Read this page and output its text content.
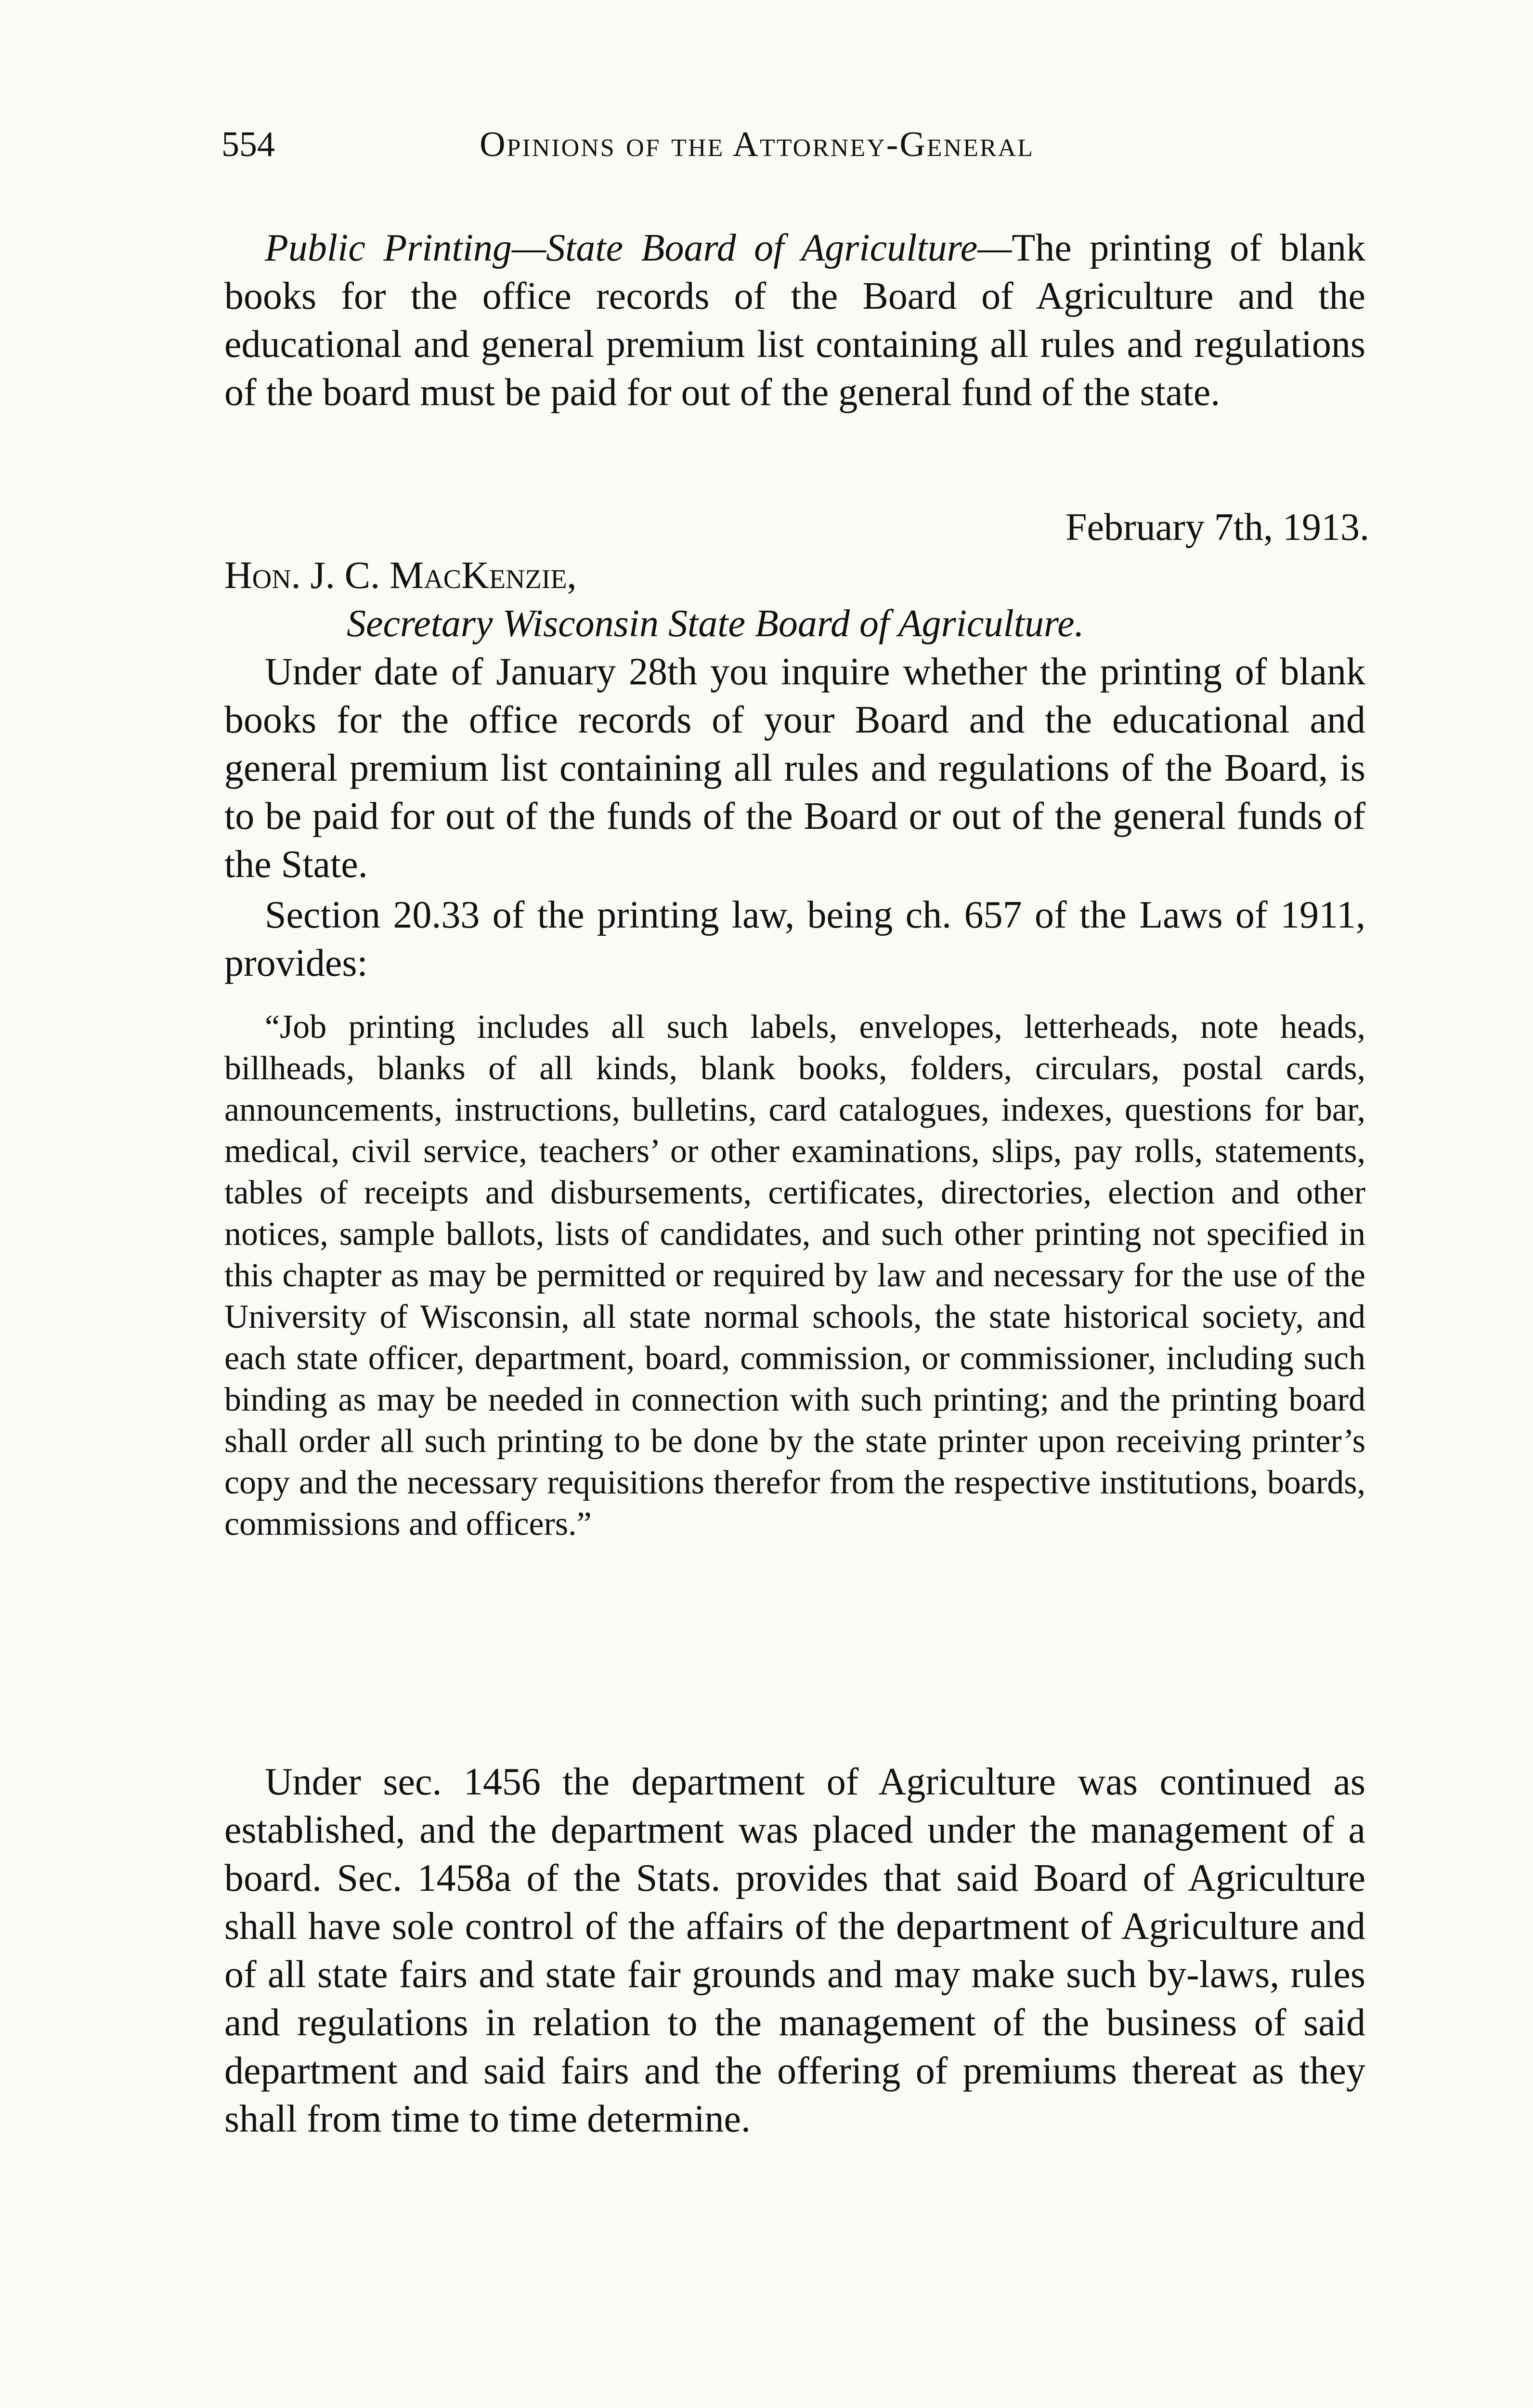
554	Opinions of the Attorney-General

Public Printing—State Board of Agriculture—The printing of blank books for the office records of the Board of Agriculture and the educational and general premium list containing all rules and regulations of the board must be paid for out of the general fund of the state.

February 7th, 1913.
Hon. J. C. MacKenzie,
Secretary Wisconsin State Board of Agriculture.

Under date of January 28th you inquire whether the printing of blank books for the office records of your Board and the educational and general premium list containing all rules and regulations of the Board, is to be paid for out of the funds of the Board or out of the general funds of the State.

Section 20.33 of the printing law, being ch. 657 of the Laws of 1911, provides:

“Job printing includes all such labels, envelopes, letterheads, note heads, billheads, blanks of all kinds, blank books, folders, circulars, postal cards, announcements, instructions, bulletins, card catalogues, indexes, questions for bar, medical, civil service, teachers’ or other examinations, slips, pay rolls, statements, tables of receipts and disbursements, certificates, directories, election and other notices, sample ballots, lists of candidates, and such other printing not specified in this chapter as may be permitted or required by law and necessary for the use of the University of Wisconsin, all state normal schools, the state historical society, and each state officer, department, board, commission, or commissioner, including such binding as may be needed in connection with such printing; and the printing board shall order all such printing to be done by the state printer upon receiving printer’s copy and the necessary requisitions therefor from the respective institutions, boards, commissions and officers.”

Under sec. 1456 the department of Agriculture was continued as established, and the department was placed under the management of a board. Sec. 1458a of the Stats. provides that said Board of Agriculture shall have sole control of the affairs of the department of Agriculture and of all state fairs and state fair grounds and may make such by-laws, rules and regulations in relation to the management of the business of said department and said fairs and the offering of premiums thereat as they shall from time to time determine.
